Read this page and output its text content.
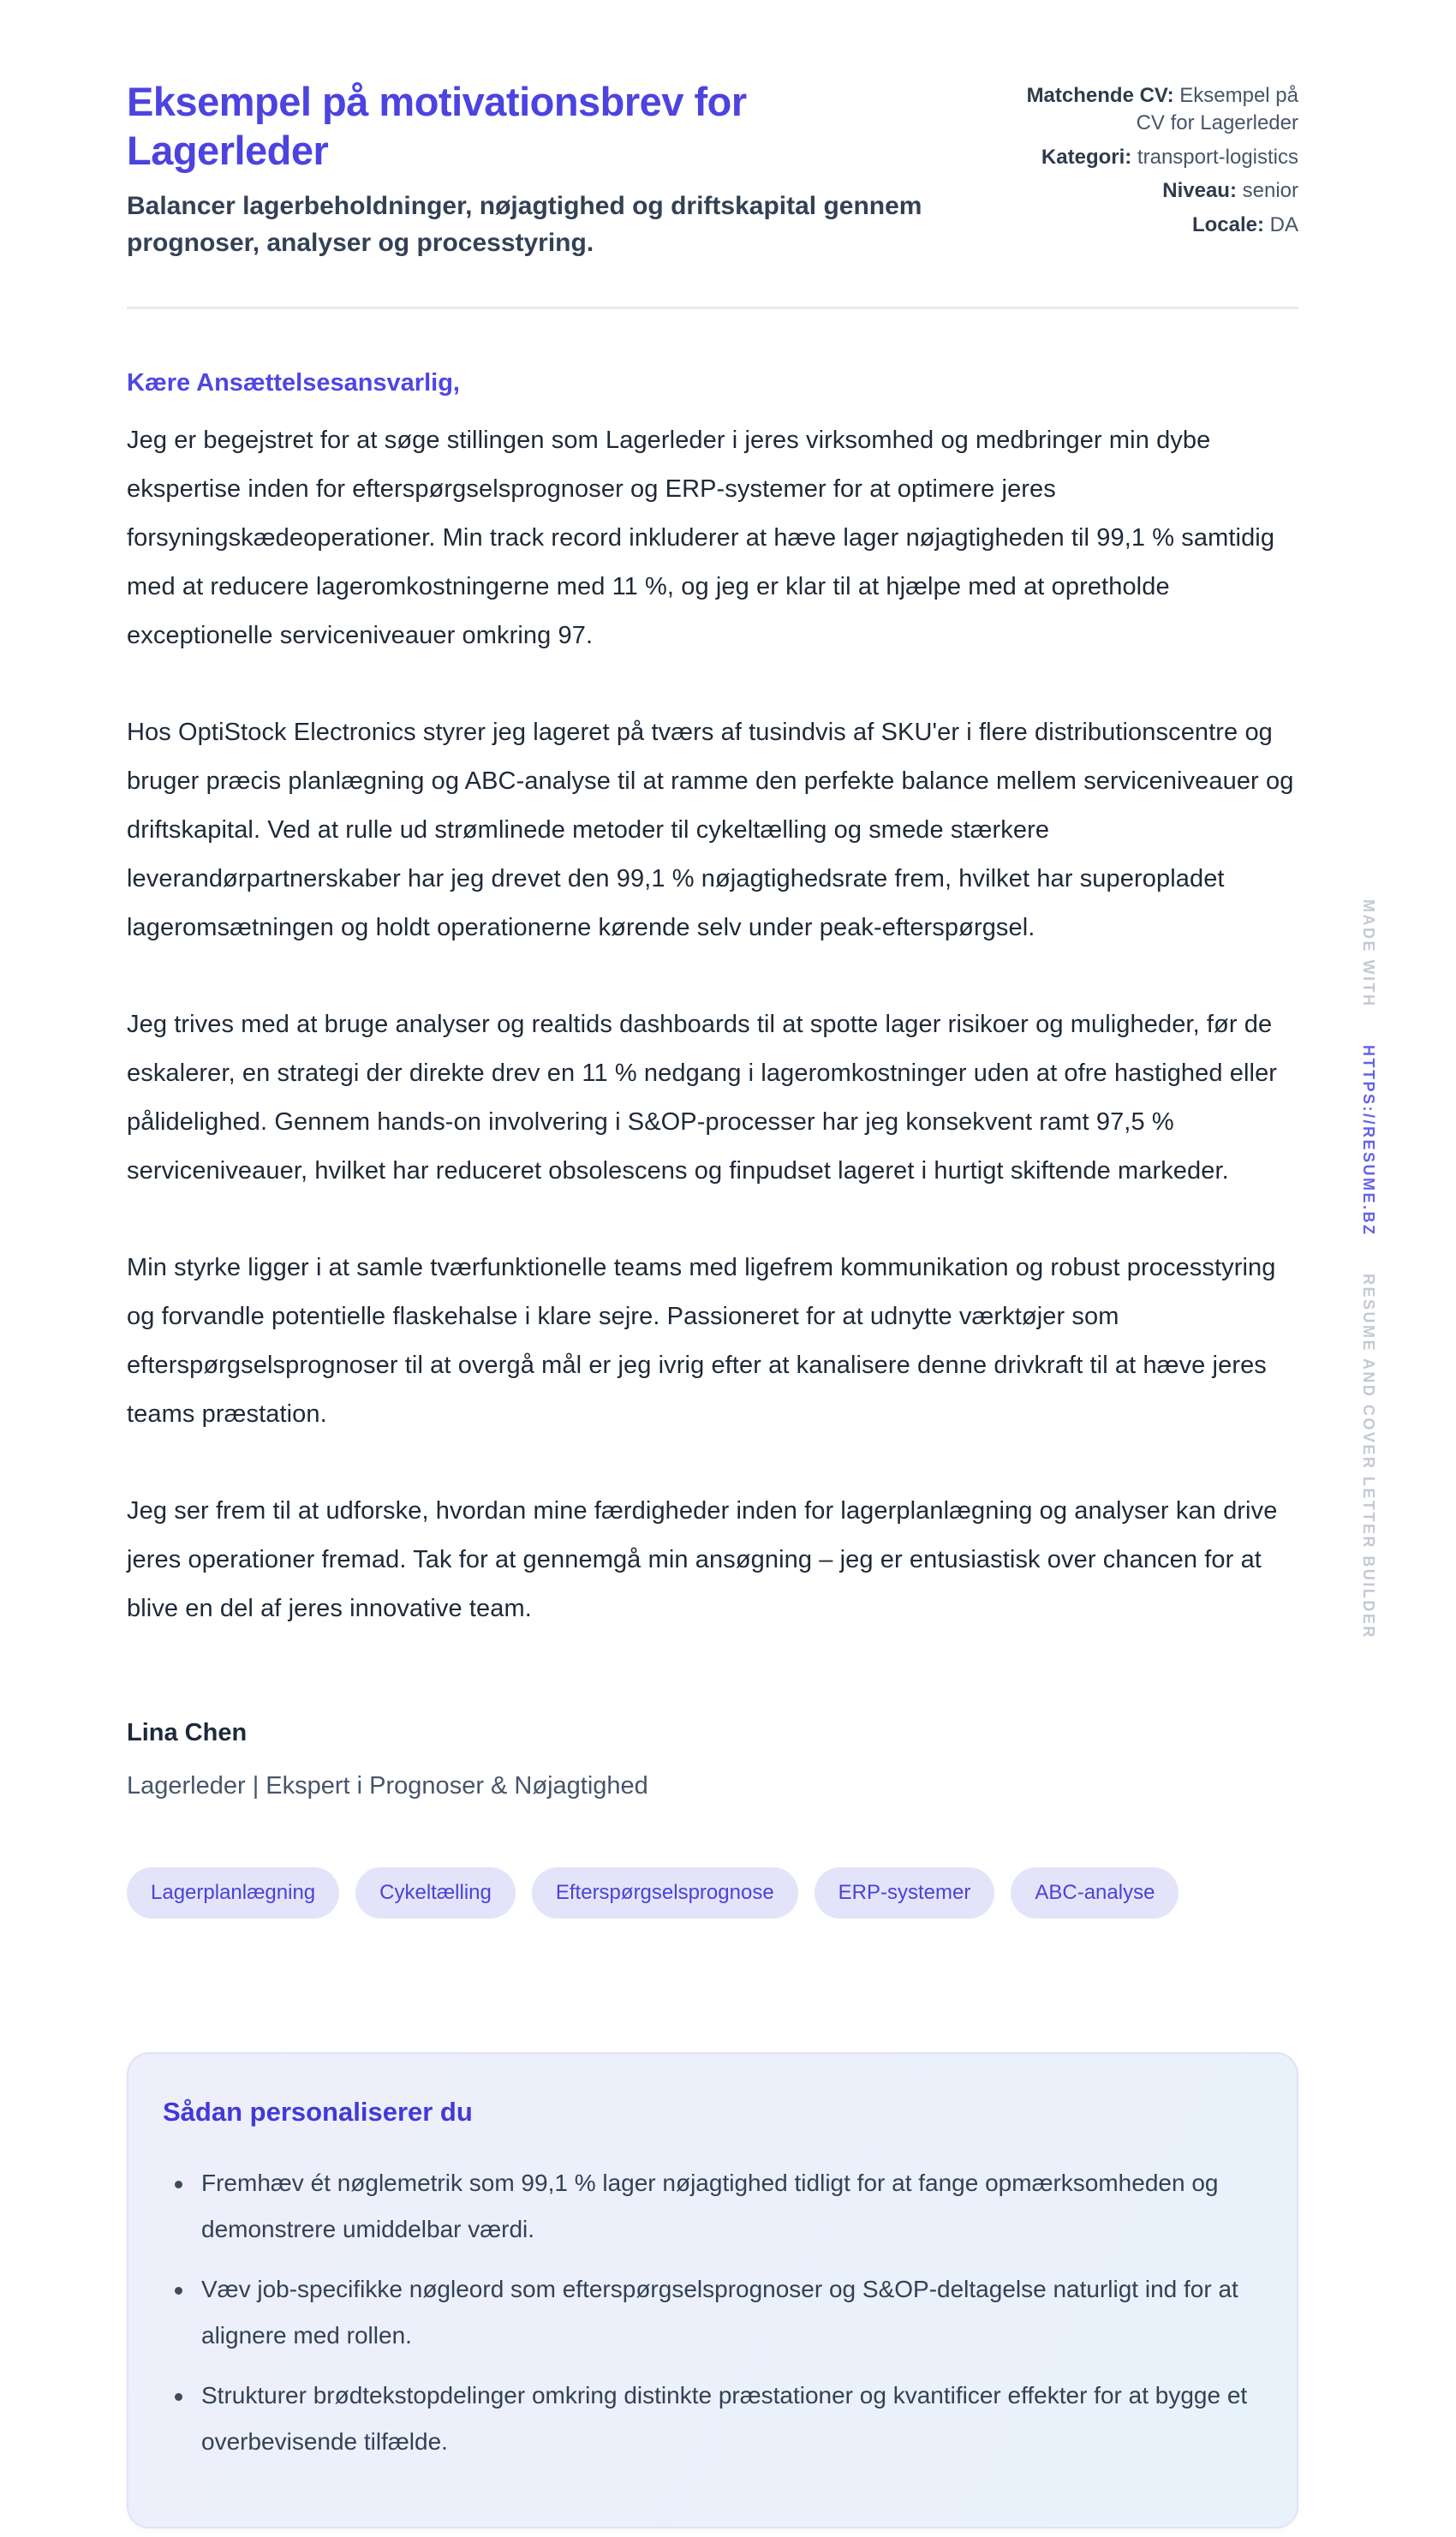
Eksempel på motivationsbrev for Lagerleder
Balancer lagerbeholdninger, nøjagtighed og driftskapital gennem prognoser, analyser og processtyring.
Matchende CV: Eksempel på CV for Lagerleder
Kategori: transport-logistics
Niveau: senior
Locale: DA
Kære Ansættelsesansvarlig,

Jeg er begejstret for at søge stillingen som Lagerleder i jeres virksomhed og medbringer min dybe ekspertise inden for efterspørgselsprognoser og ERP-systemer for at optimere jeres forsyningskædeoperationer. Min track record inkluderer at hæve lager nøjagtigheden til 99,1 % samtidig med at reducere lageromkostningerne med 11 %, og jeg er klar til at hjælpe med at opretholde exceptionelle serviceniveauer omkring 97.

Hos OptiStock Electronics styrer jeg lageret på tværs af tusindvis af SKU'er i flere distributionscentre og bruger præcis planlægning og ABC-analyse til at ramme den perfekte balance mellem serviceniveauer og driftskapital. Ved at rulle ud strømlinede metoder til cykeltælling og smede stærkere leverandørpartnerskaber har jeg drevet den 99,1 % nøjagtighedsrate frem, hvilket har superopladet lageromsætningen og holdt operationerne kørende selv under peak-efterspørgsel.

Jeg trives med at bruge analyser og realtids dashboards til at spotte lager risikoer og muligheder, før de eskalerer, en strategi der direkte drev en 11 % nedgang i lageromkostninger uden at ofre hastighed eller pålidelighed. Gennem hands-on involvering i S&OP-processer har jeg konsekvent ramt 97,5 % serviceniveauer, hvilket har reduceret obsolescens og finpudset lageret i hurtigt skiftende markeder.

Min styrke ligger i at samle tværfunktionelle teams med ligefrem kommunikation og robust processtyring og forvandle potentielle flaskehalse i klare sejre. Passioneret for at udnytte værktøjer som efterspørgselsprognoser til at overgå mål er jeg ivrig efter at kanalisere denne drivkraft til at hæve jeres teams præstation.

Jeg ser frem til at udforske, hvordan mine færdigheder inden for lagerplanlægning og analyser kan drive jeres operationer fremad. Tak for at gennemgå min ansøgning – jeg er entusiastisk over chancen for at blive en del af jeres innovative team.

Lina Chen
Lagerleder | Ekspert i Prognoser & Nøjagtighed
Lagerplanlægning	Cykeltælling	Efterspørgselsprognose	ERP-systemer	ABC-analyse
Sådan personaliserer du
Fremhæv ét nøglemetrik som 99,1 % lager nøjagtighed tidligt for at fange opmærksomheden og demonstrere umiddelbar værdi.
Væv job-specifikke nøgleord som efterspørgselsprognoser og S&OP-deltagelse naturligt ind for at alignere med rollen.
Strukturer brødtekstopdelinger omkring distinkte præstationer og kvantificer effekter for at bygge et overbevisende tilfælde.
MADE WITH HTTPS://RESUME.BZ RESUME AND COVER LETTER BUILDER
